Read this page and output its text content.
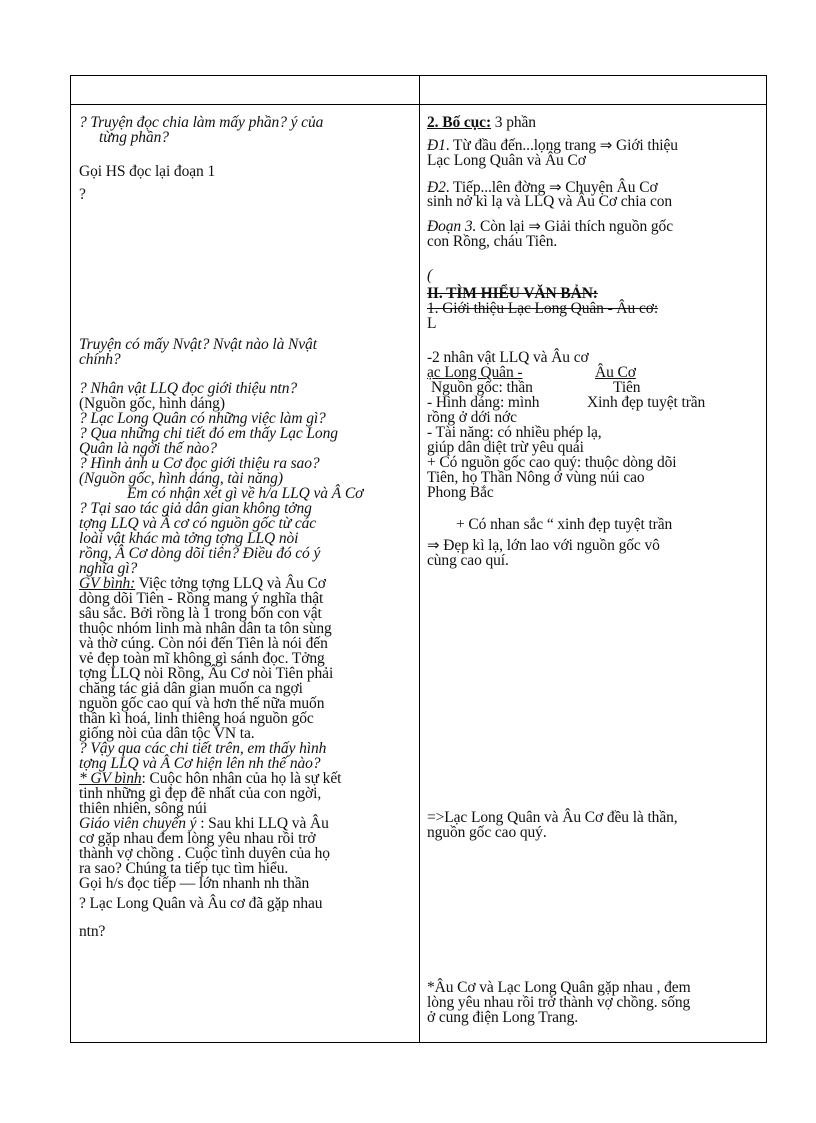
? Truyện đọc chia làm mấy phần? ý của
từng phần?
Gọi HS đọc lại đoạn 1
?
Truyện có mấy Nvật? Nvật nào là Nvật
chính?
? Nhân vật LLQ đọc giới thiệu ntn?
(Nguồn gốc, hình dáng)
? Lạc Long Quân có những việc làm gì?
? Qua những chi tiết đó em thấy Lạc Long
Quân là ngời thế nào?
? Hình ảnh u Cơ đọc giới thiệu ra sao?
(Nguồn gốc, hình dáng, tài năng)
Em có nhận xét gì về h/a LLQ và Â Cơ
? Tại sao tác giả dân gian không tởng
tợng LLQ và Â cơ có nguồn gốc từ các
loài vật khác mà tởng tợng LLQ nòi
rồng, Â Cơ dòng dõi tiên? Điều đó có ý
nghĩa gì?
GV bình: Việc tởng tợng LLQ và Âu Cơ
dòng dõi Tiên - Rồng mang ý nghĩa thật
sâu sắc. Bởi rồng là 1 trong bốn con vật
thuộc nhóm linh mà nhân dân ta tôn sùng
và thờ cúng. Còn nói đến Tiên là nói đến
vẻ đẹp toàn mĩ không gì sánh đọc. Tởng
tợng LLQ nòi Rồng, Âu Cơ nòi Tiên phải
chăng tác giả dân gian muốn ca ngợi
nguồn gốc cao quí và hơn thế nữa muốn
thần kì hoá, linh thiêng hoá nguồn gốc
giống nòi của dân tộc VN ta.
? Vậy qua các chi tiết trên, em thấy hình
tợng LLQ và Â Cơ hiện lên nh thế nào?
* GV bình: Cuộc hôn nhân của họ là sự kết
tinh những gì đẹp đẽ nhất của con ngời,
thiên nhiên, sông núi
Giáo viên chuyển ý : Sau khi LLQ và Âu
cơ gặp nhau đem lòng yêu nhau rồi trở
thành vợ chồng . Cuộc tình duyên của họ
ra sao? Chúng ta tiếp tục tìm hiểu.
Gọi h/s đọc tiếp — lớn nhanh nh thần
? Lạc Long Quân và Âu cơ đã gặp nhau
ntn?
2. Bố cục: 3 phần
Đ1. Từ đầu đến...lọng trang ⇒ Giới thiệu
Lạc Long Quân và Âu Cơ
Đ2. Tiếp...lên đờng ⇒ Chuyện Âu Cơ
sinh nở kì lạ và LLQ và Âu Cơ chia con
Đoạn 3. Còn lại ⇒ Giải thích nguồn gốc
con Rồng, cháu Tiên.
(
II. TÌM HIỂU VĂN BẢN:
1. Giới thiệu Lạc Long Quân - Âu cơ:
L
-2 nhân vật LLQ và Âu cơ
ạc Long Quân -	Âu Cơ
Nguồn gốc: thần	Tiên
- Hình dáng: mình	Xinh đẹp tuyệt trần
rồng ở dới nớc
- Tài năng: có nhiều phép lạ,
giúp dân diệt trừ yêu quái
+ Có nguồn gốc cao quý: thuộc dòng dõi
Tiên, họ Thần Nông ở vùng núi cao
Phong Bắc
+ Có nhan sắc “ xinh đẹp tuyệt trần
⇒ Đẹp kì lạ, lớn lao với nguồn gốc vô
cùng cao quí.
=>Lạc Long Quân và Âu Cơ đều là thần,
nguồn gốc cao quý.
*Âu Cơ và Lạc Long Quân gặp nhau , đem
lòng yêu nhau rồi trở thành vợ chồng. sống
ở cung điện Long Trang.
